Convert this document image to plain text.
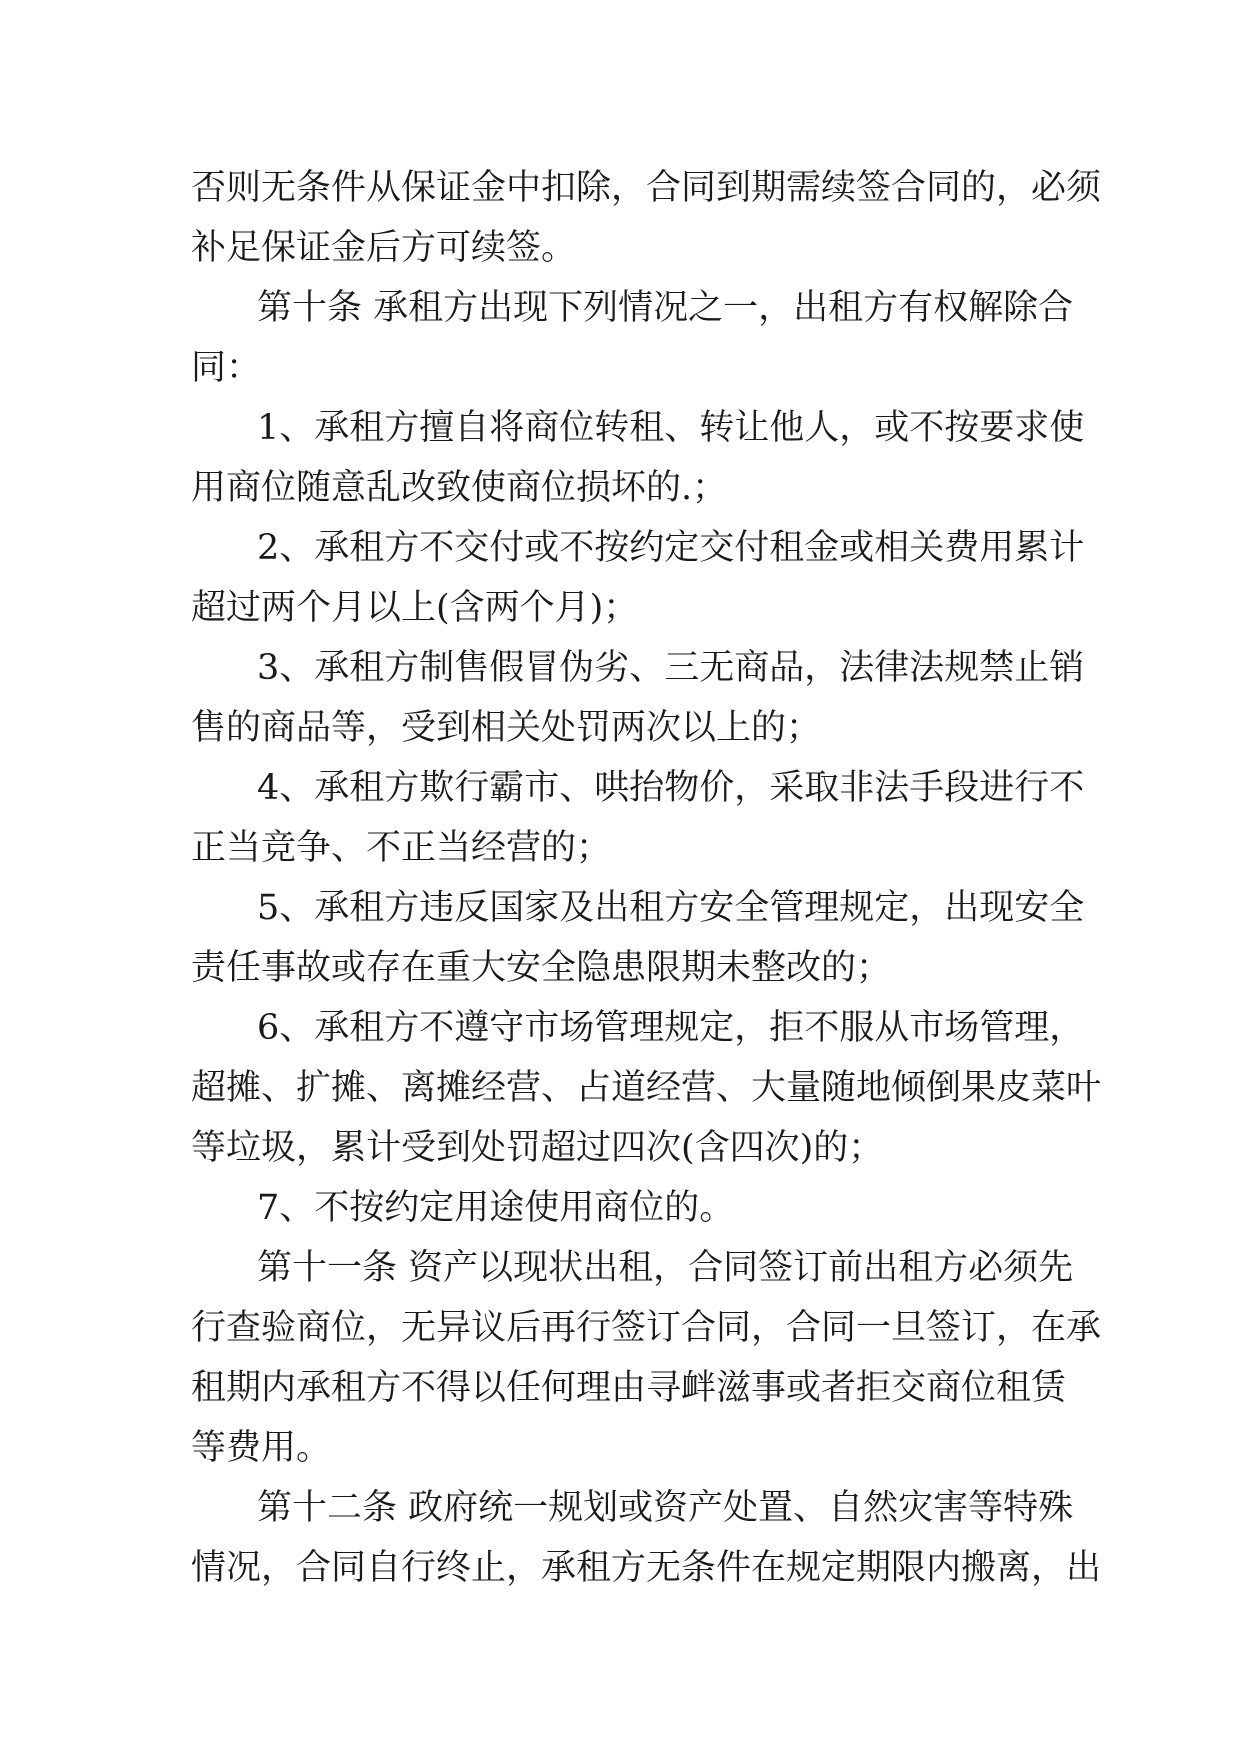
否则无条件从保证金中扣除，合同到期需续签合同的，必须
补足保证金后方可续签。
第十条 承租方出现下列情况之一，出租方有权解除合
同：
1、承租方擅自将商位转租、转让他人，或不按要求使
用商位随意乱改致使商位损坏的.；
2、承租方不交付或不按约定交付租金或相关费用累计
超过两个月以上(含两个月)；
3、承租方制售假冒伪劣、三无商品，法律法规禁止销
售的商品等，受到相关处罚两次以上的；
4、承租方欺行霸市、哄抬物价，采取非法手段进行不
正当竞争、不正当经营的；
5、承租方违反国家及出租方安全管理规定，出现安全
责任事故或存在重大安全隐患限期未整改的；
6、承租方不遵守市场管理规定，拒不服从市场管理，
超摊、扩摊、离摊经营、占道经营、大量随地倾倒果皮菜叶
等垃圾，累计受到处罚超过四次(含四次)的；
7、不按约定用途使用商位的。
第十一条 资产以现状出租，合同签订前出租方必须先
行查验商位，无异议后再行签订合同，合同一旦签订，在承
租期内承租方不得以任何理由寻衅滋事或者拒交商位租赁
等费用。
第十二条 政府统一规划或资产处置、自然灾害等特殊
情况，合同自行终止，承租方无条件在规定期限内搬离，出
